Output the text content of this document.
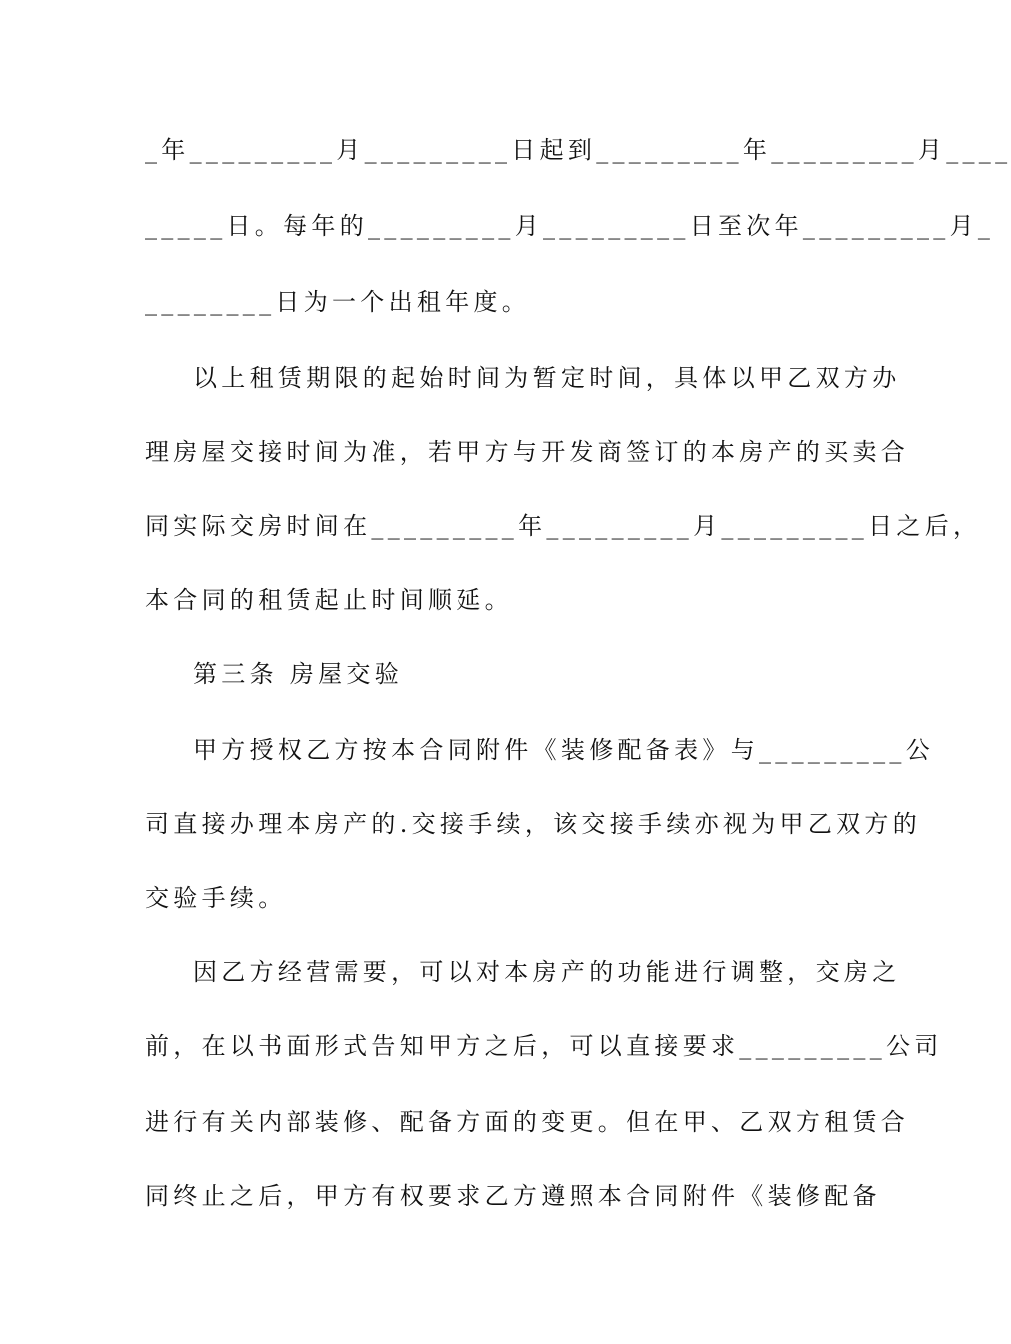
_年_________月_________日起到_________年_________月____
_____日。每年的_________月_________日至次年_________月_
________日为一个出租年度。
以上租赁期限的起始时间为暂定时间，具体以甲乙双方办
理房屋交接时间为准，若甲方与开发商签订的本房产的买卖合
同实际交房时间在_________年_________月_________日之后，
本合同的租赁起止时间顺延。
第三条 房屋交验
甲方授权乙方按本合同附件《装修配备表》与_________公
司直接办理本房产的.交接手续，该交接手续亦视为甲乙双方的
交验手续。
因乙方经营需要，可以对本房产的功能进行调整，交房之
前，在以书面形式告知甲方之后，可以直接要求_________公司
进行有关内部装修、配备方面的变更。但在甲、乙双方租赁合
同终止之后，甲方有权要求乙方遵照本合同附件《装修配备
